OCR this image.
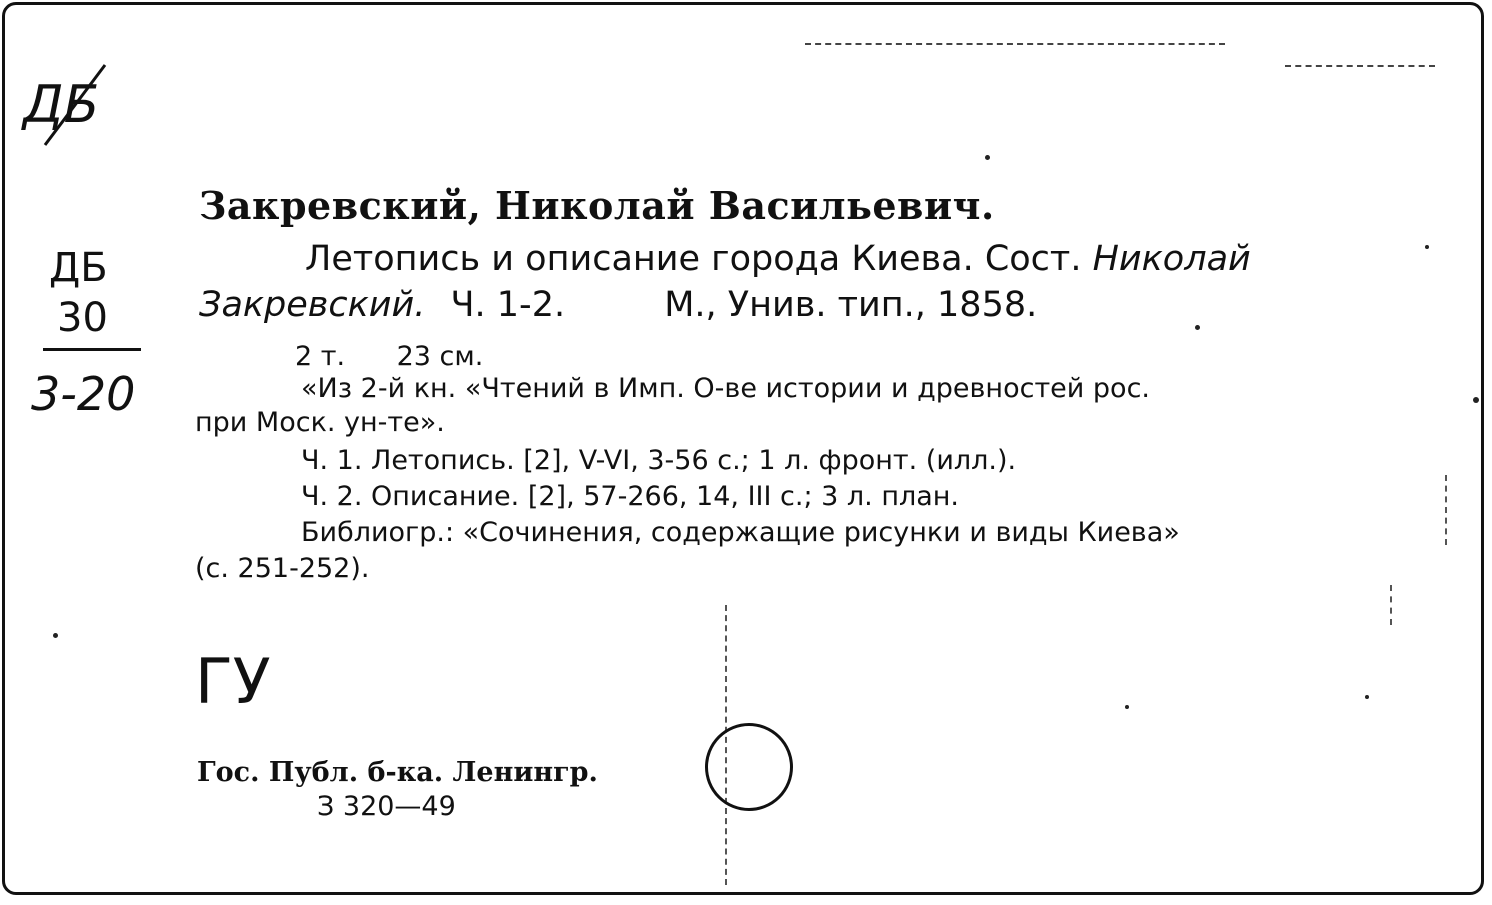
ДБ
ДБ
30
3-20
Закревский, Николай Васильевич.
Летопись и описание города Киева. Сост. Николай
Закревский. Ч. 1-2.	М., Унив. тип., 1858.
2 т.      23 см.
«Из 2-й кн. «Чтений в Имп. О-ве истории и древностей рос.
при Моск. ун-те».
Ч. 1. Летопись. [2], V-VI, 3-56 с.; 1 л. фронт. (илл.).
Ч. 2. Описание. [2], 57-266, 14, III с.; 3 л. план.
Библиогр.: «Сочинения, содержащие рисунки и виды Киева»
(с. 251-252).
ГУ
Гос. Публ. б-ка. Ленингр.
З 320—49
